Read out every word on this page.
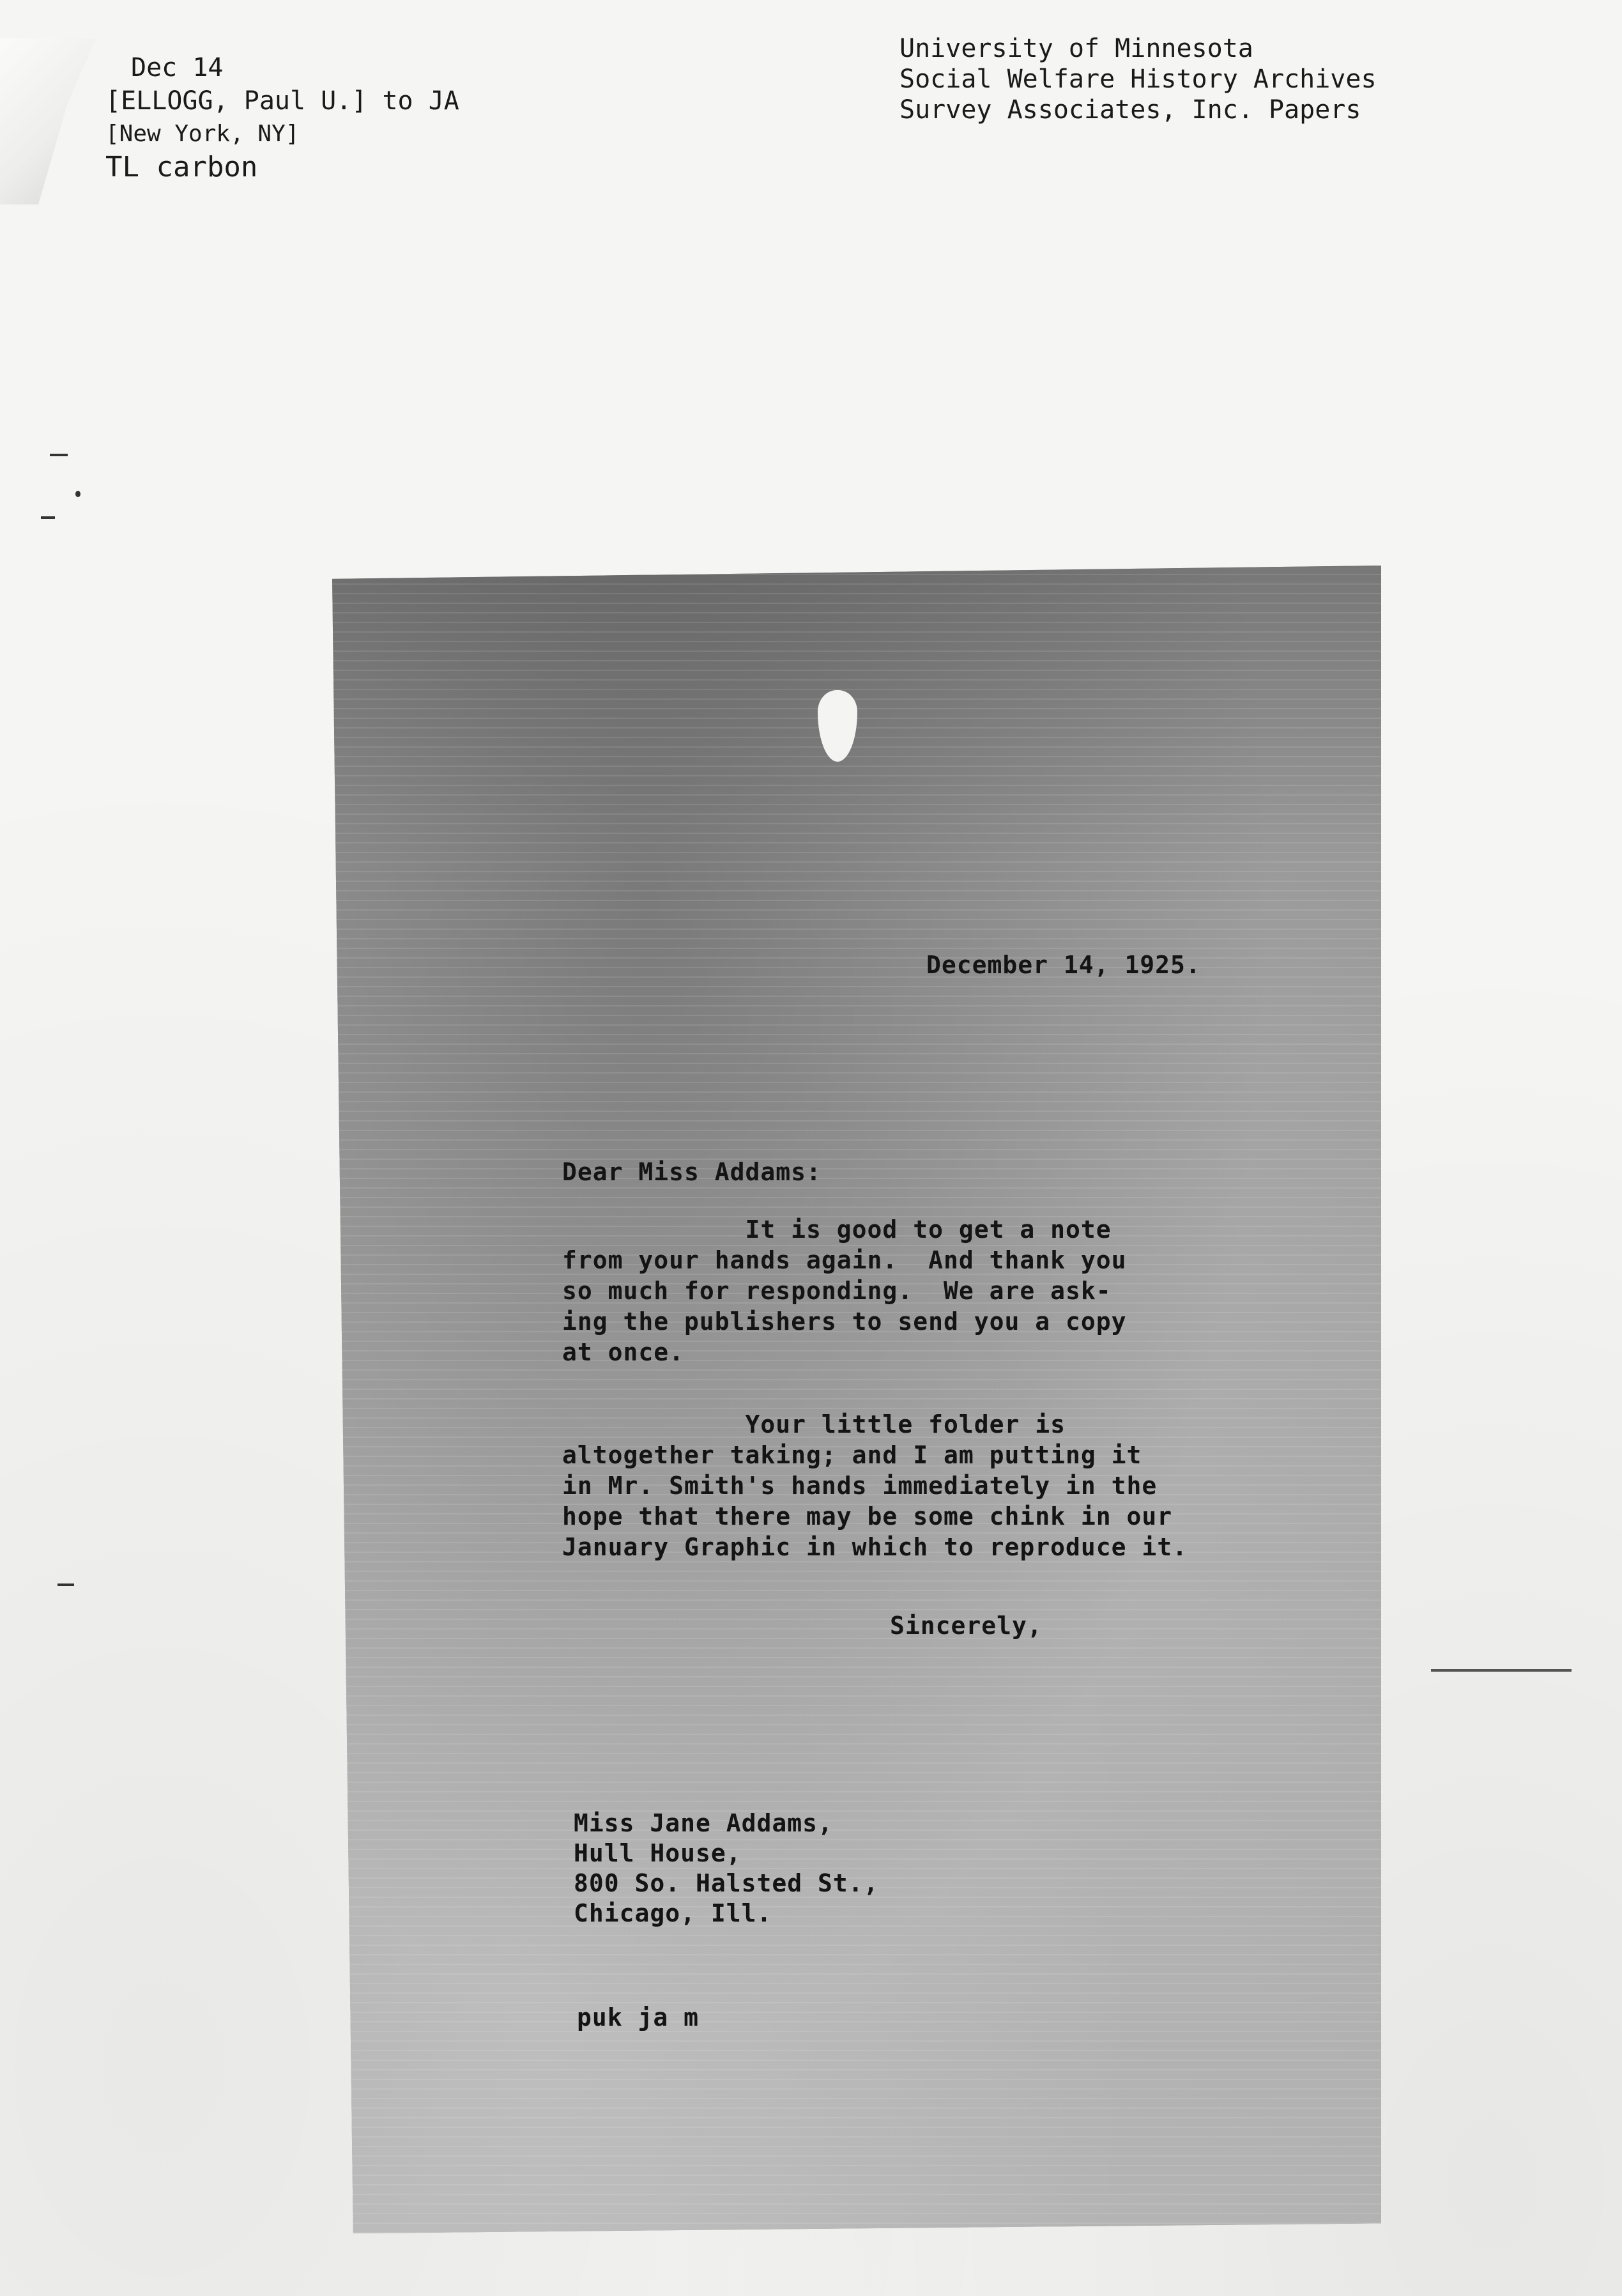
Dec 14
[ELLOGG, Paul U.] to JA
[New York, NY]
TL carbon
University of Minnesota
Social Welfare History Archives
Survey Associates, Inc. Papers
December 14, 1925.
Dear Miss Addams:
It is good to get a note
from your hands again.  And thank you
so much for responding.  We are ask-
ing the publishers to send you a copy
at once.
Your little folder is
altogether taking; and I am putting it
in Mr. Smith's hands immediately in the
hope that there may be some chink in our
January Graphic in which to reproduce it.
Sincerely,
Miss Jane Addams,
Hull House,
800 So. Halsted St.,
Chicago, Ill.
puk ja m
